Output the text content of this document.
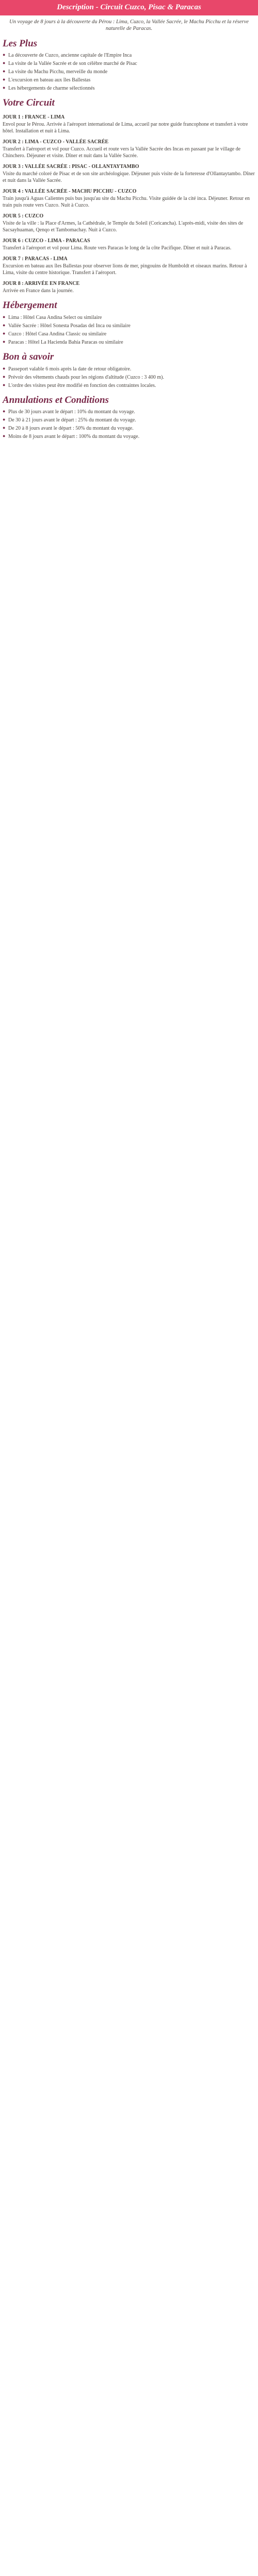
Description - Circuit Cuzco, Pisac & Paracas

Un voyage de 8 jours à la découverte du Pérou : Lima, Cuzco, la Vallée Sacrée, le Machu Picchu et la réserve naturelle de Paracas.

Les Plus
● La découverte de Cuzco, ancienne capitale de l'Empire Inca
● La visite de la Vallée Sacrée et de son célèbre marché de Pisac
● La visite du Machu Picchu, merveille du monde
● L'excursion en bateau aux îles Ballestas
● Les hébergements de charme sélectionnés
Votre Circuit
JOUR 1 : FRANCE - LIMA

Envol pour le Pérou. Arrivée à l'aéroport international de Lima, accueil par notre guide francophone et transfert à votre hôtel. Installation et nuit à Lima.

JOUR 2 : LIMA - CUZCO - VALLÉE SACRÉE

Transfert à l'aéroport et vol pour Cuzco. Accueil et route vers la Vallée Sacrée des Incas en passant par le village de Chinchero. Déjeuner et visite. Dîner et nuit dans la Vallée Sacrée.

JOUR 3 : VALLÉE SACRÉE : PISAC - OLLANTAYTAMBO

Visite du marché coloré de Pisac et de son site archéologique. Déjeuner puis visite de la forteresse d'Ollantaytambo. Dîner et nuit dans la Vallée Sacrée.

JOUR 4 : VALLÉE SACRÉE - MACHU PICCHU - CUZCO

Train jusqu'à Aguas Calientes puis bus jusqu'au site du Machu Picchu. Visite guidée de la cité inca. Déjeuner. Retour en train puis route vers Cuzco. Nuit à Cuzco.

JOUR 5 : CUZCO

Visite de la ville : la Place d'Armes, la Cathédrale, le Temple du Soleil (Coricancha). L'après-midi, visite des sites de Sacsayhuaman, Qenqo et Tambomachay. Nuit à Cuzco.

JOUR 6 : CUZCO - LIMA - PARACAS

Transfert à l'aéroport et vol pour Lima. Route vers Paracas le long de la côte Pacifique. Dîner et nuit à Paracas.

JOUR 7 : PARACAS - LIMA

Excursion en bateau aux îles Ballestas pour observer lions de mer, pingouins de Humboldt et oiseaux marins. Retour à Lima, visite du centre historique. Transfert à l'aéroport.

JOUR 8 : ARRIVÉE EN FRANCE

Arrivée en France dans la journée.

Hébergement
● Lima : Hôtel Casa Andina Select ou similaire
● Vallée Sacrée : Hôtel Sonesta Posadas del Inca ou similaire
● Cuzco : Hôtel Casa Andina Classic ou similaire
● Paracas : Hôtel La Hacienda Bahía Paracas ou similaire
Bon à savoir
● Passeport valable 6 mois après la date de retour obligatoire.
● Prévoir des vêtements chauds pour les régions d'altitude (Cuzco : 3 400 m).
● L'ordre des visites peut être modifié en fonction des contraintes locales.
Annulations et Conditions
● Plus de 30 jours avant le départ : 10% du montant du voyage.
● De 30 à 21 jours avant le départ : 25% du montant du voyage.
● De 20 à 8 jours avant le départ : 50% du montant du voyage.
● Moins de 8 jours avant le départ : 100% du montant du voyage.
